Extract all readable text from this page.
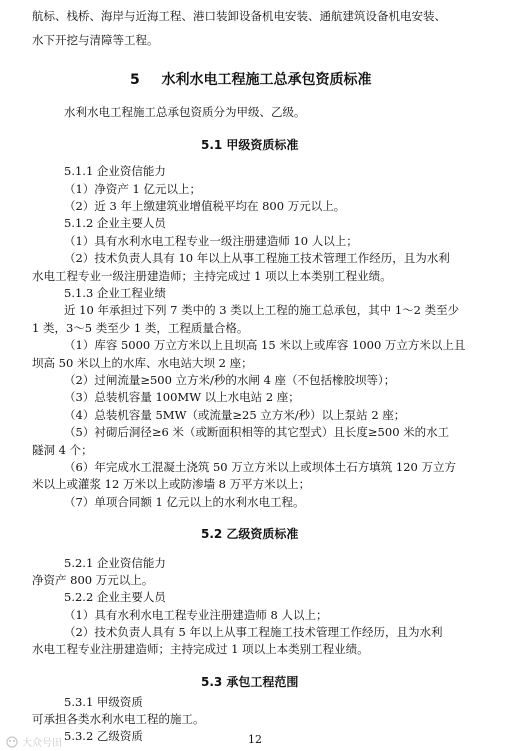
航标、栈桥、海岸与近海工程、港口装卸设备机电安装、通航建筑设备机电安装、
水下开挖与清障等工程。
5 水利水电工程施工总承包资质标准
水利水电工程施工总承包资质分为甲级、乙级。
5.1 甲级资质标准
5.1.1 企业资信能力
（1）净资产 1 亿元以上；
（2）近 3 年上缴建筑业增值税平均在 800 万元以上。
5.1.2 企业主要人员
（1）具有水利水电工程专业一级注册建造师 10 人以上；
（2）技术负责人具有 10 年以上从事工程施工技术管理工作经历，且为水利
水电工程专业一级注册建造师；主持完成过 1 项以上本类别工程业绩。
5.1.3 企业工程业绩
近 10 年承担过下列 7 类中的 3 类以上工程的施工总承包，其中 1～2 类至少
1 类，3～5 类至少 1 类，工程质量合格。
（1）库容 5000 万立方米以上且坝高 15 米以上或库容 1000 万立方米以上且
坝高 50 米以上的水库、水电站大坝 2 座；
（2）过闸流量≥500 立方米/秒的水闸 4 座（不包括橡胶坝等）；
（3）总装机容量 100MW 以上水电站 2 座；
（4）总装机容量 5MW（或流量≥25 立方米/秒）以上泵站 2 座；
（5）衬砌后洞径≥6 米（或断面积相等的其它型式）且长度≥500 米的水工
隧洞 4 个；
（6）年完成水工混凝土浇筑 50 万立方米以上或坝体土石方填筑 120 万立方
米以上或灌浆 12 万米以上或防渗墙 8 万平方米以上；
（7）单项合同额 1 亿元以上的水利水电工程。
5.2 乙级资质标准
5.2.1 企业资信能力
净资产 800 万元以上。
5.2.2 企业主要人员
（1）具有水利水电工程专业注册建造师 8 人以上；
（2）技术负责人具有 5 年以上从事工程施工技术管理工作经历，且为水利
水电工程专业注册建造师；主持完成过 1 项以上本类别工程业绩。
5.3 承包工程范围
5.3.1 甲级资质
可承担各类水利水电工程的施工。
5.3.2 乙级资质	12
大众号田
